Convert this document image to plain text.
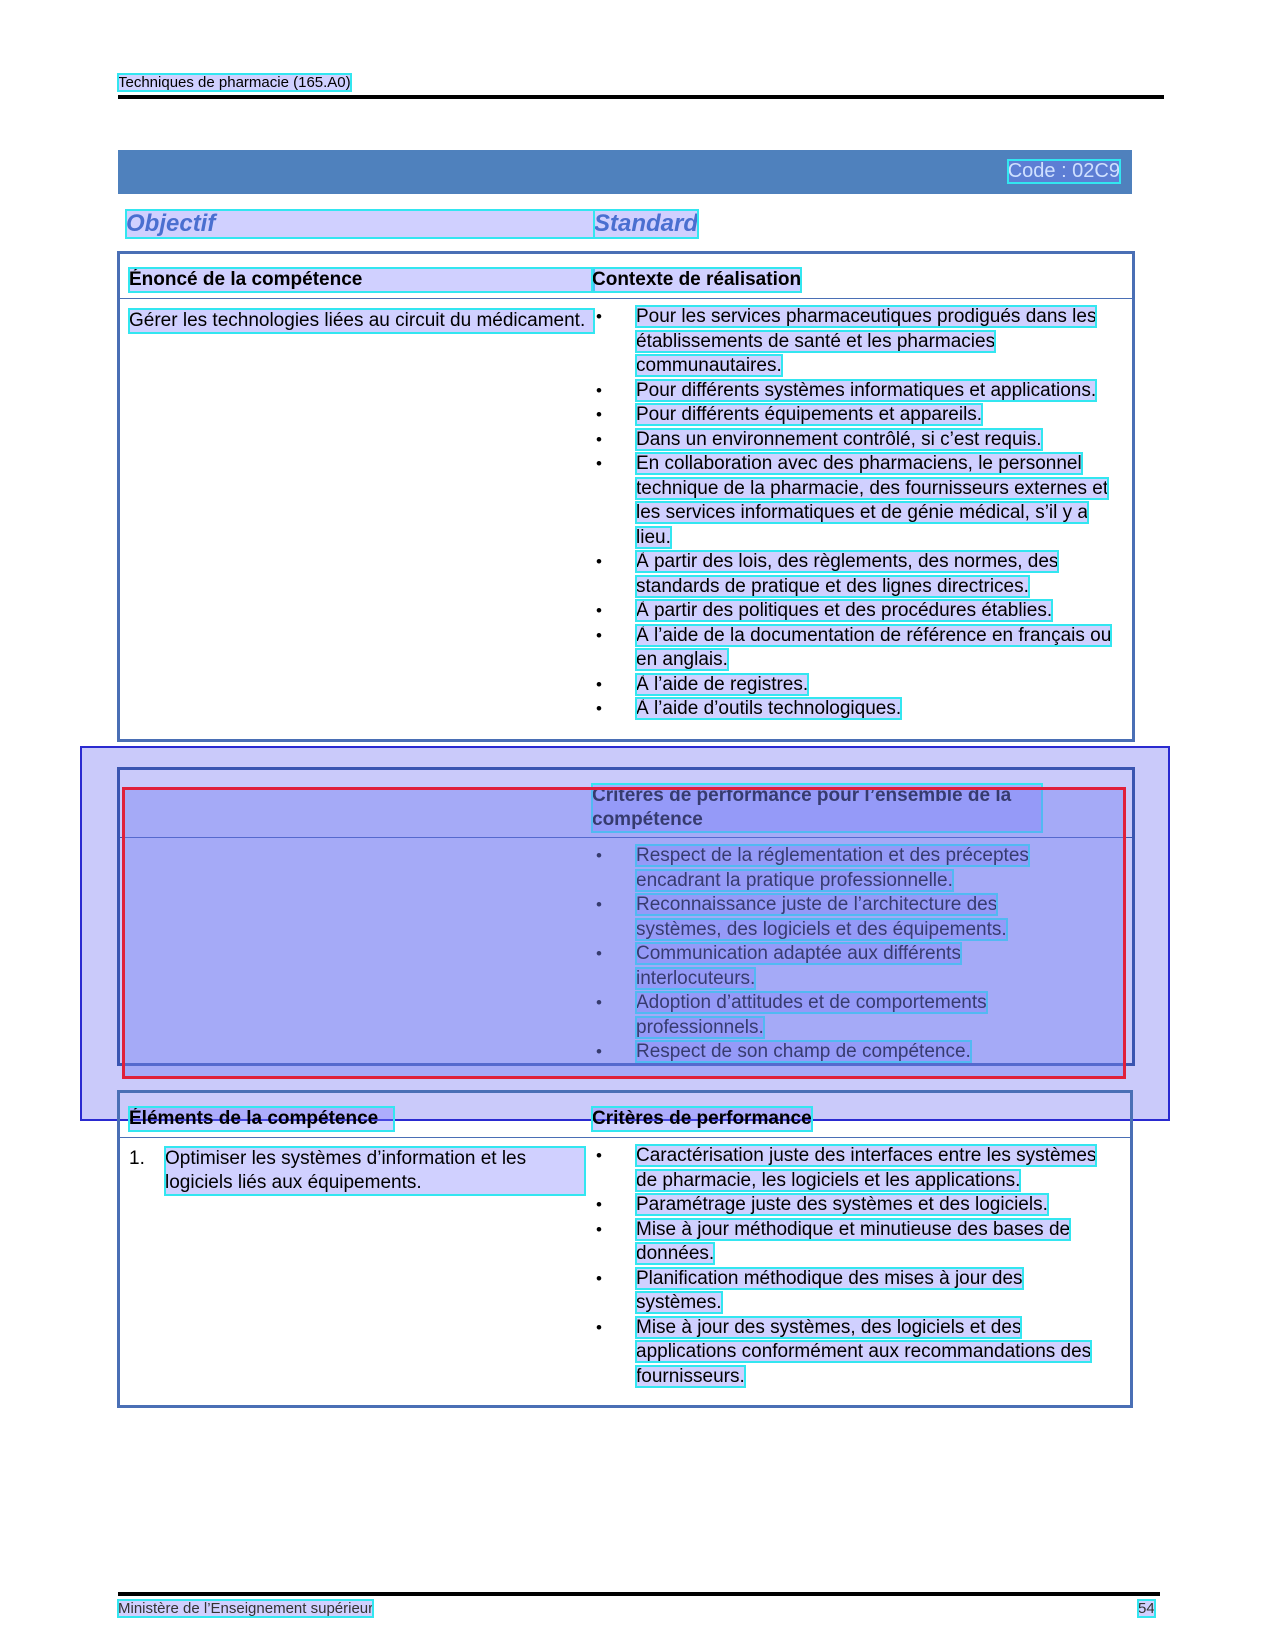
Techniques de pharmacie (165.A0)
Code : 02C9
Objectif	Standard
Énoncé de la compétence	Contexte de réalisation
Gérer les technologies liées au circuit du médicament.
•	Pour les services pharmaceutiques prodigués dans les établissements de santé et les pharmacies communautaires.
• Pour différents systèmes informatiques et applications.
• Pour différents équipements et appareils.
• Dans un environnement contrôlé, si c’est requis.
• En collaboration avec des pharmaciens, le personnel technique de la pharmacie, des fournisseurs externes et les services informatiques et de génie médical, s’il y a lieu.
• À partir des lois, des règlements, des normes, des standards de pratique et des lignes directrices.
• À partir des politiques et des procédures établies.
• À l’aide de la documentation de référence en français ou en anglais.
• À l’aide de registres.
• À l’aide d’outils technologiques.
Critères de performance pour l’ensemble de la compétence
• Respect de la réglementation et des préceptes encadrant la pratique professionnelle.
• Reconnaissance juste de l’architecture des systèmes, des logiciels et des équipements.
• Communication adaptée aux différents interlocuteurs.
• Adoption d’attitudes et de comportements professionnels.
• Respect de son champ de compétence.
Éléments de la compétence	Critères de performance
1. Optimiser les systèmes d’information et les logiciels liés aux équipements.
• Caractérisation juste des interfaces entre les systèmes de pharmacie, les logiciels et les applications.
• Paramétrage juste des systèmes et des logiciels.
• Mise à jour méthodique et minutieuse des bases de données.
• Planification méthodique des mises à jour des systèmes.
• Mise à jour des systèmes, des logiciels et des applications conformément aux recommandations des fournisseurs.
Ministère de l’Enseignement supérieur	54
